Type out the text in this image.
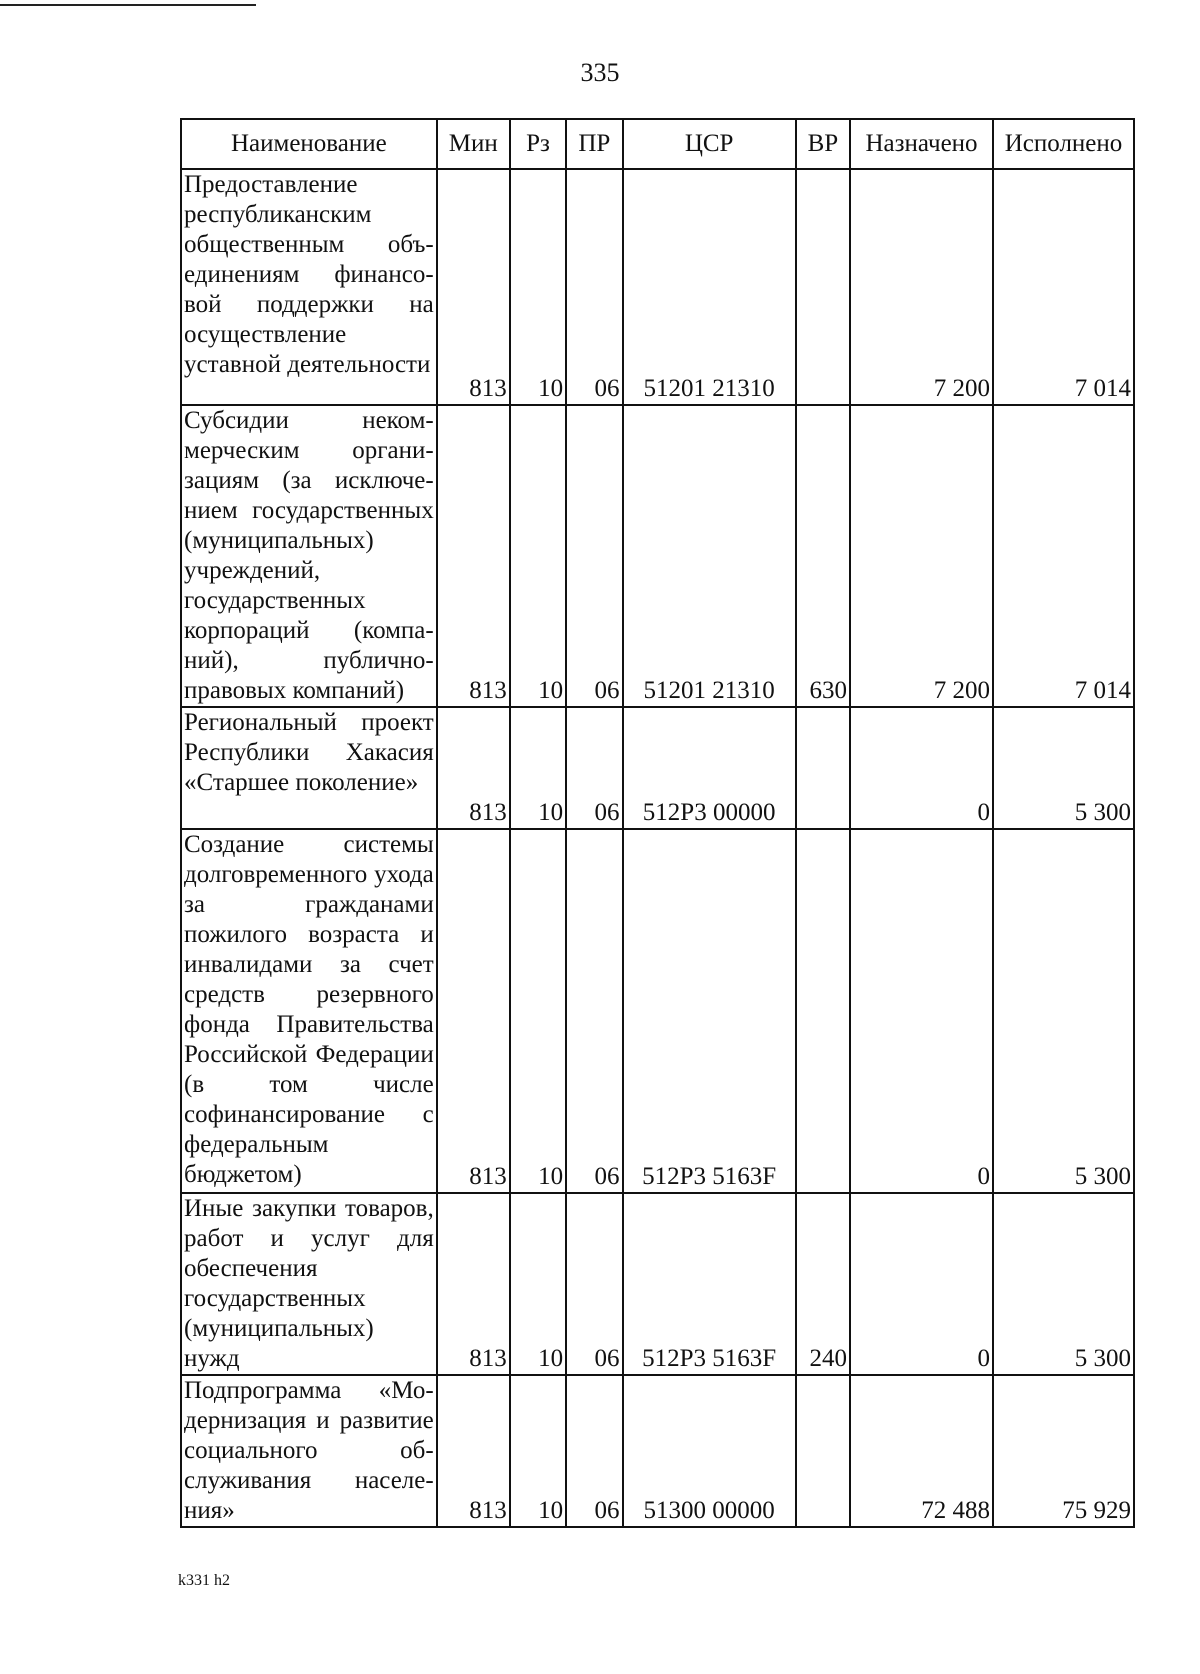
335
Наименование	Мин	Рз	ПР	ЦСР	ВР	Назначено	Исполнено
Предоставление республиканским общественным объединениям финансовой поддержки на осуществление уставной деятельности	813	10	06	51201 21310		7 200	7 014
Субсидии некоммерческим организациям (за исключением государственных (муниципальных) учреждений, государственных корпораций (компаний), публично-правовых компаний)	813	10	06	51201 21310	630	7 200	7 014
Региональный проект Республики Хакасия «Старшее поколение»	813	10	06	512P3 00000		0	5 300
Создание системы долговременного ухода за гражданами пожилого возраста и инвалидами за счет средств резервного фонда Правительства Российской Федерации (в том числе софинансирование с федеральным бюджетом)	813	10	06	512P3 5163F		0	5 300
Иные закупки товаров, работ и услуг для обеспечения государственных (муниципальных) нужд	813	10	06	512P3 5163F	240	0	5 300
Подпрограмма «Модернизация и развитие социального обслуживания населения»	813	10	06	51300 00000		72 488	75 929
k331 h2
